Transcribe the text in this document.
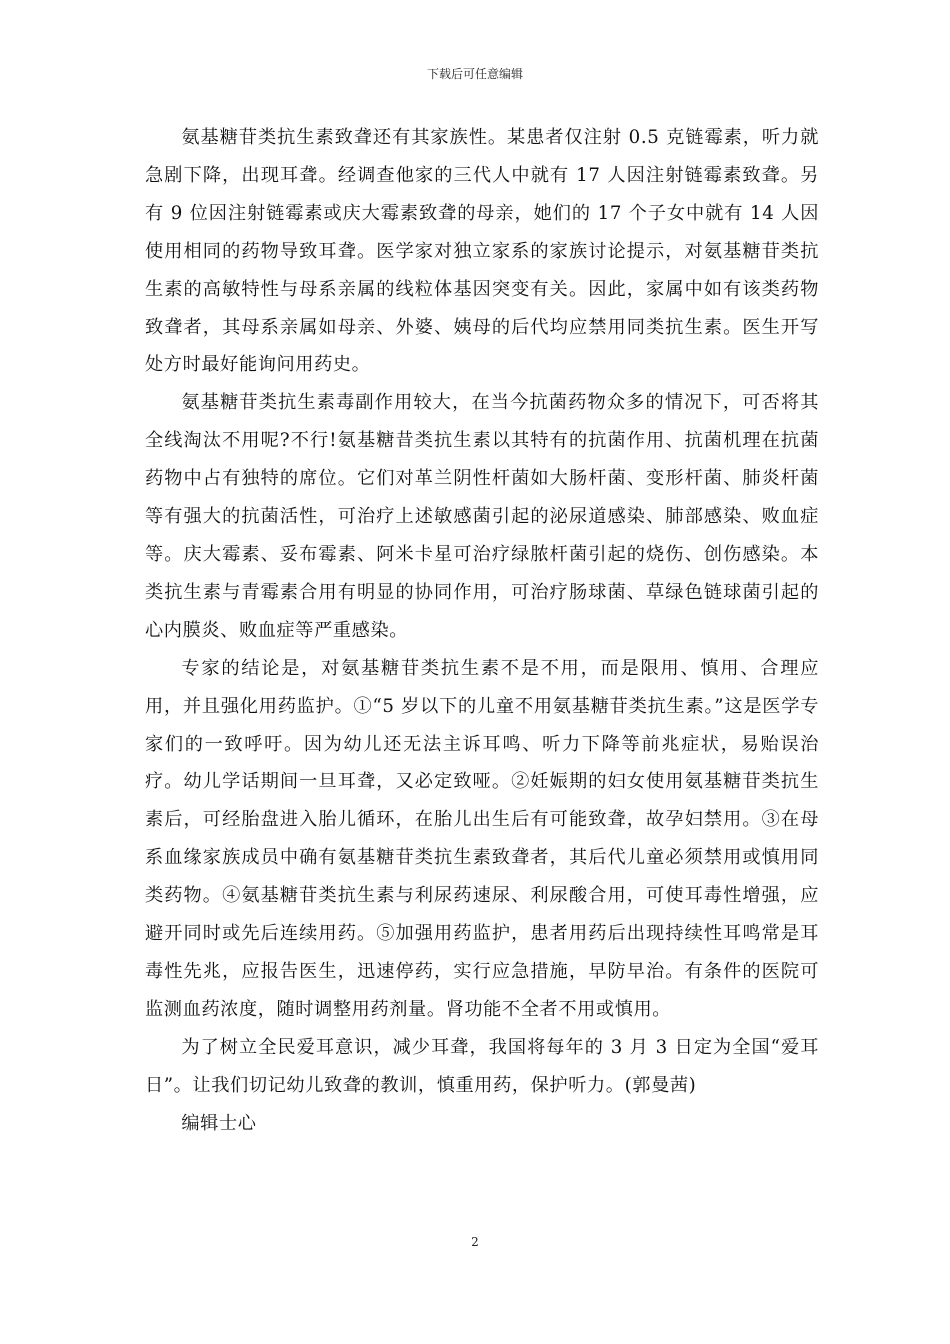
下载后可任意编辑

氨基糖苷类抗生素致聋还有其家族性。某患者仅注射 0.5 克链霉素，听力就急剧下降，出现耳聋。经调查他家的三代人中就有 17 人因注射链霉素致聋。另有 9 位因注射链霉素或庆大霉素致聋的母亲，她们的 17 个子女中就有 14 人因使用相同的药物导致耳聋。医学家对独立家系的家族讨论提示，对氨基糖苷类抗生素的高敏特性与母系亲属的线粒体基因突变有关。因此，家属中如有该类药物致聋者，其母系亲属如母亲、外婆、姨母的后代均应禁用同类抗生素。医生开写处方时最好能询问用药史。

氨基糖苷类抗生素毒副作用较大，在当今抗菌药物众多的情况下，可否将其全线淘汰不用呢?不行!氨基糖昔类抗生素以其特有的抗菌作用、抗菌机理在抗菌药物中占有独特的席位。它们对革兰阴性杆菌如大肠杆菌、变形杆菌、肺炎杆菌等有强大的抗菌活性，可治疗上述敏感菌引起的泌尿道感染、肺部感染、败血症等。庆大霉素、妥布霉素、阿米卡星可治疗绿脓杆菌引起的烧伤、创伤感染。本类抗生素与青霉素合用有明显的协同作用，可治疗肠球菌、草绿色链球菌引起的心内膜炎、败血症等严重感染。

专家的结论是，对氨基糖苷类抗生素不是不用，而是限用、慎用、合理应用，并且强化用药监护。①“5 岁以下的儿童不用氨基糖苷类抗生素。”这是医学专家们的一致呼吁。因为幼儿还无法主诉耳鸣、听力下降等前兆症状，易贻误治疗。幼儿学话期间一旦耳聋，又必定致哑。②妊娠期的妇女使用氨基糖苷类抗生素后，可经胎盘进入胎儿循环，在胎儿出生后有可能致聋，故孕妇禁用。③在母系血缘家族成员中确有氨基糖苷类抗生素致聋者，其后代儿童必须禁用或慎用同类药物。④氨基糖苷类抗生素与利尿药速尿、利尿酸合用，可使耳毒性增强，应避开同时或先后连续用药。⑤加强用药监护，患者用药后出现持续性耳鸣常是耳毒性先兆，应报告医生，迅速停药，实行应急措施，早防早治。有条件的医院可监测血药浓度，随时调整用药剂量。肾功能不全者不用或慎用。

为了树立全民爱耳意识，减少耳聋，我国将每年的 3 月 3 日定为全国“爱耳日”。让我们切记幼儿致聋的教训，慎重用药，保护听力。(郭曼茜)

编辑士心

2
